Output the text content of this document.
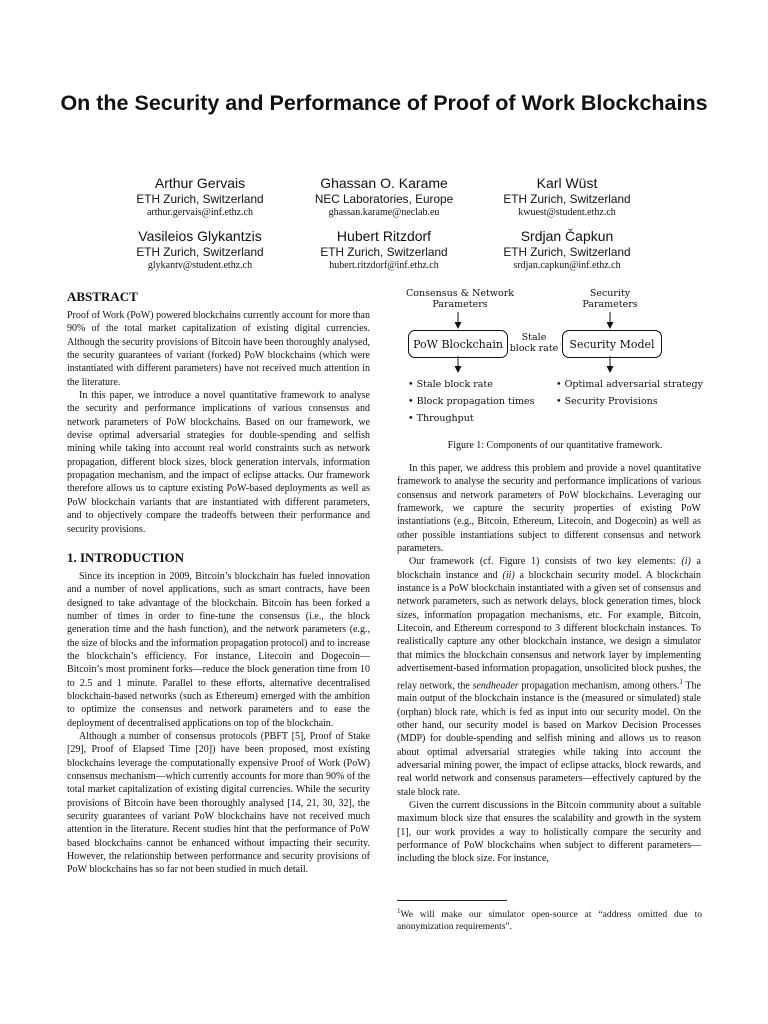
On the Security and Performance of Proof of Work Blockchains
Arthur Gervais
ETH Zurich, Switzerland
arthur.gervais@inf.ethz.ch
Ghassan O. Karame
NEC Laboratories, Europe
ghassan.karame@neclab.eu
Karl Wüst
ETH Zurich, Switzerland
kwuest@student.ethz.ch
Vasileios Glykantzis
ETH Zurich, Switzerland
glykantv@student.ethz.ch
Hubert Ritzdorf
ETH Zurich, Switzerland
hubert.ritzdorf@inf.ethz.ch
Srdjan Čapkun
ETH Zurich, Switzerland
srdjan.capkun@inf.ethz.ch
ABSTRACT

Proof of Work (PoW) powered blockchains currently account for more than 90% of the total market capitalization of existing digital currencies. Although the security provisions of Bitcoin have been thoroughly analysed, the security guarantees of variant (forked) PoW blockchains (which were instantiated with different parameters) have not received much attention in the literature.

In this paper, we introduce a novel quantitative framework to analyse the security and performance implications of various consensus and network parameters of PoW blockchains. Based on our framework, we devise optimal adversarial strategies for double-spending and selfish mining while taking into account real world constraints such as network propagation, different block sizes, block generation intervals, information propagation mechanism, and the impact of eclipse attacks. Our framework therefore allows us to capture existing PoW-based deployments as well as PoW blockchain variants that are instantiated with different parameters, and to objectively compare the tradeoffs between their performance and security provisions.

1. INTRODUCTION

Since its inception in 2009, Bitcoin’s blockchain has fueled innovation and a number of novel applications, such as smart contracts, have been designed to take advantage of the blockchain. Bitcoin has been forked a number of times in order to fine-tune the consensus (i.e., the block generation time and the hash function), and the network parameters (e.g., the size of blocks and the information propagation protocol) and to increase the blockchain’s efficiency. For instance, Litecoin and Dogecoin—Bitcoin’s most prominent forks—reduce the block generation time from 10 to 2.5 and 1 minute. Parallel to these efforts, alternative decentralised blockchain-based networks (such as Ethereum) emerged with the ambition to optimize the consensus and network parameters and to ease the deployment of decentralised applications on top of the blockchain.

Although a number of consensus protocols (PBFT [5], Proof of Stake [29], Proof of Elapsed Time [20]) have been proposed, most existing blockchains leverage the computationally expensive Proof of Work (PoW) consensus mechanism—which currently accounts for more than 90% of the total market capitalization of existing digital currencies. While the security provisions of Bitcoin have been thoroughly analysed [14, 21, 30, 32], the security guarantees of variant PoW blockchains have not received much attention in the literature. Recent studies hint that the performance of PoW based blockchains cannot be enhanced without impacting their security. However, the relationship between performance and security provisions of PoW blockchains has so far not been studied in much detail.

Consensus & Network Parameters
Security Parameters
PoW Blockchain	Security Model
Stale block rate
• Stale block rate
• Block propagation times
• Throughput
• Optimal adversarial strategy
• Security Provisions
Figure 1: Components of our quantitative framework.

In this paper, we address this problem and provide a novel quantitative framework to analyse the security and performance implications of various consensus and network parameters of PoW blockchains. Leveraging our framework, we capture the security properties of existing PoW instantiations (e.g., Bitcoin, Ethereum, Litecoin, and Dogecoin) as well as other possible instantiations subject to different consensus and network parameters.

Our framework (cf. Figure 1) consists of two key elements: (i) a blockchain instance and (ii) a blockchain security model. A blockchain instance is a PoW blockchain instantiated with a given set of consensus and network parameters, such as network delays, block generation times, block sizes, information propagation mechanisms, etc. For example, Bitcoin, Litecoin, and Ethereum correspond to 3 different blockchain instances. To realistically capture any other blockchain instance, we design a simulator that mimics the blockchain consensus and network layer by implementing advertisement-based information propagation, unsolicited block pushes, the relay network, the sendheader propagation mechanism, among others.$^1$ The main output of the blockchain instance is the (measured or simulated) stale (orphan) block rate, which is fed as input into our security model. On the other hand, our security model is based on Markov Decision Processes (MDP) for double-spending and selfish mining and allows us to reason about optimal adversarial strategies while taking into account the adversarial mining power, the impact of eclipse attacks, block rewards, and real world network and consensus parameters—effectively captured by the stale block rate.

Given the current discussions in the Bitcoin community about a suitable maximum block size that ensures the scalability and growth in the system [1], our work provides a way to holistically compare the security and performance of PoW blockchains when subject to different parameters—including the block size. For instance,

$^1$We will make our simulator open-source at “address omitted due to anonymization requirements”.
